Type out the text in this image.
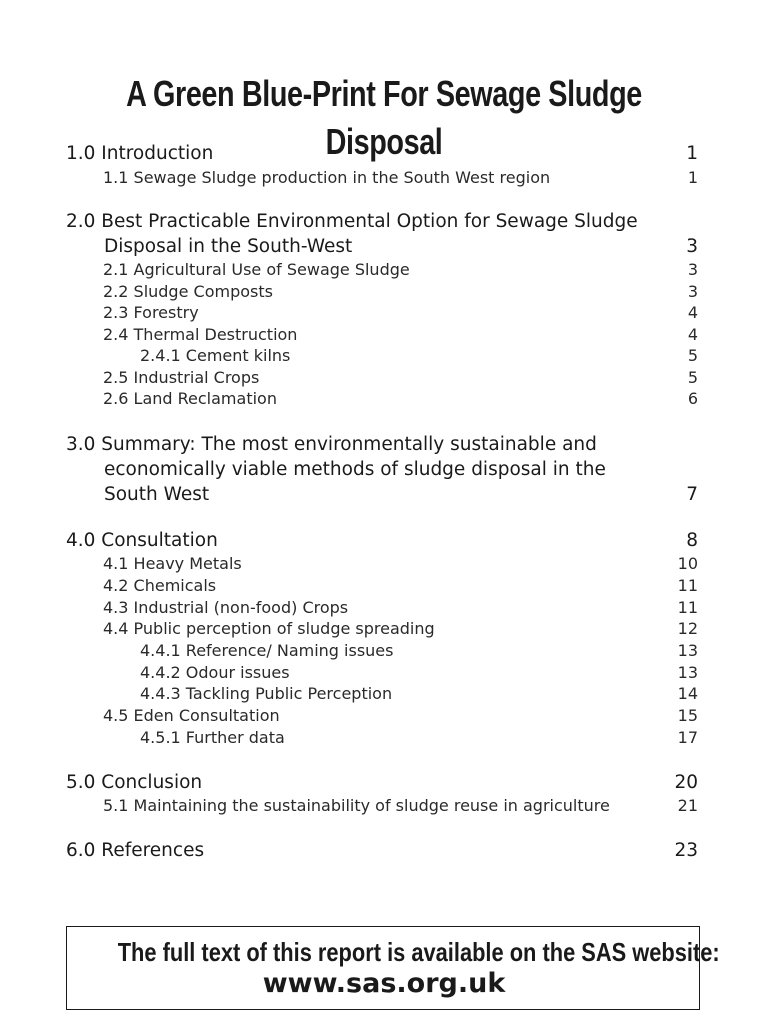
A Green Blue-Print For Sewage Sludge Disposal
1.0 Introduction	1
1.1 Sewage Sludge production in the South West region	1
2.0 Best Practicable Environmental Option for Sewage Sludge
Disposal in the South-West	3
2.1 Agricultural Use of Sewage Sludge	3
2.2 Sludge Composts	3
2.3 Forestry	4
2.4 Thermal Destruction	4
2.4.1 Cement kilns	5
2.5 Industrial Crops	5
2.6 Land Reclamation	6
3.0 Summary: The most environmentally sustainable and
economically viable methods of sludge disposal in the
South West	7
4.0 Consultation	8
4.1 Heavy Metals	10
4.2 Chemicals	11
4.3 Industrial (non-food) Crops	11
4.4 Public perception of sludge spreading	12
4.4.1 Reference/ Naming issues	13
4.4.2 Odour issues	13
4.4.3 Tackling Public Perception	14
4.5 Eden Consultation	15
4.5.1 Further data	17
5.0 Conclusion	20
5.1 Maintaining the sustainability of sludge reuse in agriculture	21
6.0 References	23
The full text of this report is available on the SAS website:
www.sas.org.uk
